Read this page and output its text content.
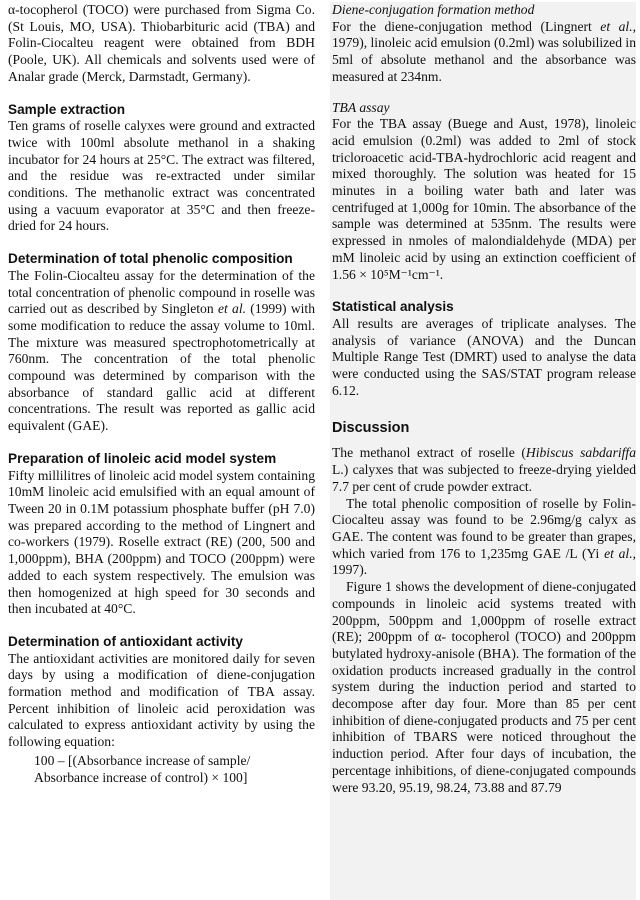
α-tocopherol (TOCO) were purchased from Sigma Co. (St Louis, MO, USA). Thiobarbituric acid (TBA) and Folin-Ciocalteu reagent were obtained from BDH (Poole, UK). All chemicals and solvents used were of Analar grade (Merck, Darmstadt, Germany).

Sample extraction

Ten grams of roselle calyxes were ground and extracted twice with 100ml absolute methanol in a shaking incubator for 24 hours at 25°C. The extract was filtered, and the residue was re-extracted under similar conditions. The methanolic extract was concentrated using a vacuum evaporator at 35°C and then freeze-dried for 24 hours.

Determination of total phenolic composition

The Folin-Ciocalteu assay for the determination of the total concentration of phenolic compound in roselle was carried out as described by Singleton et al. (1999) with some modification to reduce the assay volume to 10ml. The mixture was measured spectrophotometrically at 760nm. The concentration of the total phenolic compound was determined by comparison with the absorbance of standard gallic acid at different concentrations. The result was reported as gallic acid equivalent (GAE).

Preparation of linoleic acid model system

Fifty millilitres of linoleic acid model system containing 10mM linoleic acid emulsified with an equal amount of Tween 20 in 0.1M potassium phosphate buffer (pH 7.0) was prepared according to the method of Lingnert and co-workers (1979). Roselle extract (RE) (200, 500 and 1,000ppm), BHA (200ppm) and TOCO (200ppm) were added to each system respectively. The emulsion was then homogenized at high speed for 30 seconds and then incubated at 40°C.

Determination of antioxidant activity

The antioxidant activities are monitored daily for seven days by using a modification of diene-conjugation formation method and modification of TBA assay. Percent inhibition of linoleic acid peroxidation was calculated to express antioxidant activity by using the following equation:

100 – [(Absorbance increase of sample/

Absorbance increase of control) × 100]

Diene-conjugation formation method

For the diene-conjugation method (Lingnert et al., 1979), linoleic acid emulsion (0.2ml) was solubilized in 5ml of absolute methanol and the absorbance was measured at 234nm.

TBA assay

For the TBA assay (Buege and Aust, 1978), linoleic acid emulsion (0.2ml) was added to 2ml of stock tricloroacetic acid-TBA-hydrochloric acid reagent and mixed thoroughly. The solution was heated for 15 minutes in a boiling water bath and later was centrifuged at 1,000g for 10min. The absorbance of the sample was determined at 535nm. The results were expressed in nmoles of malondialdehyde (MDA) per mM linoleic acid by using an extinction coefficient of 1.56 × 10⁵M⁻¹cm⁻¹.

Statistical analysis

All results are averages of triplicate analyses. The analysis of variance (ANOVA) and the Duncan Multiple Range Test (DMRT) used to analyse the data were conducted using the SAS/STAT program release 6.12.

Discussion

The methanol extract of roselle (Hibiscus sabdariffa L.) calyxes that was subjected to freeze-drying yielded 7.7 per cent of crude powder extract.

The total phenolic composition of roselle by Folin-Ciocalteu assay was found to be 2.96mg/g calyx as GAE. The content was found to be greater than grapes, which varied from 176 to 1,235mg GAE /L (Yi et al., 1997).

Figure 1 shows the development of diene-conjugated compounds in linoleic acid systems treated with 200ppm, 500ppm and 1,000ppm of roselle extract (RE); 200ppm of α- tocopherol (TOCO) and 200ppm butylated hydroxy-anisole (BHA). The formation of the oxidation products increased gradually in the control system during the induction period and started to decompose after day four. More than 85 per cent inhibition of diene-conjugated products and 75 per cent inhibition of TBARS were noticed throughout the induction period. After four days of incubation, the percentage inhibitions, of diene-conjugated compounds were 93.20, 95.19, 98.24, 73.88 and 87.79
